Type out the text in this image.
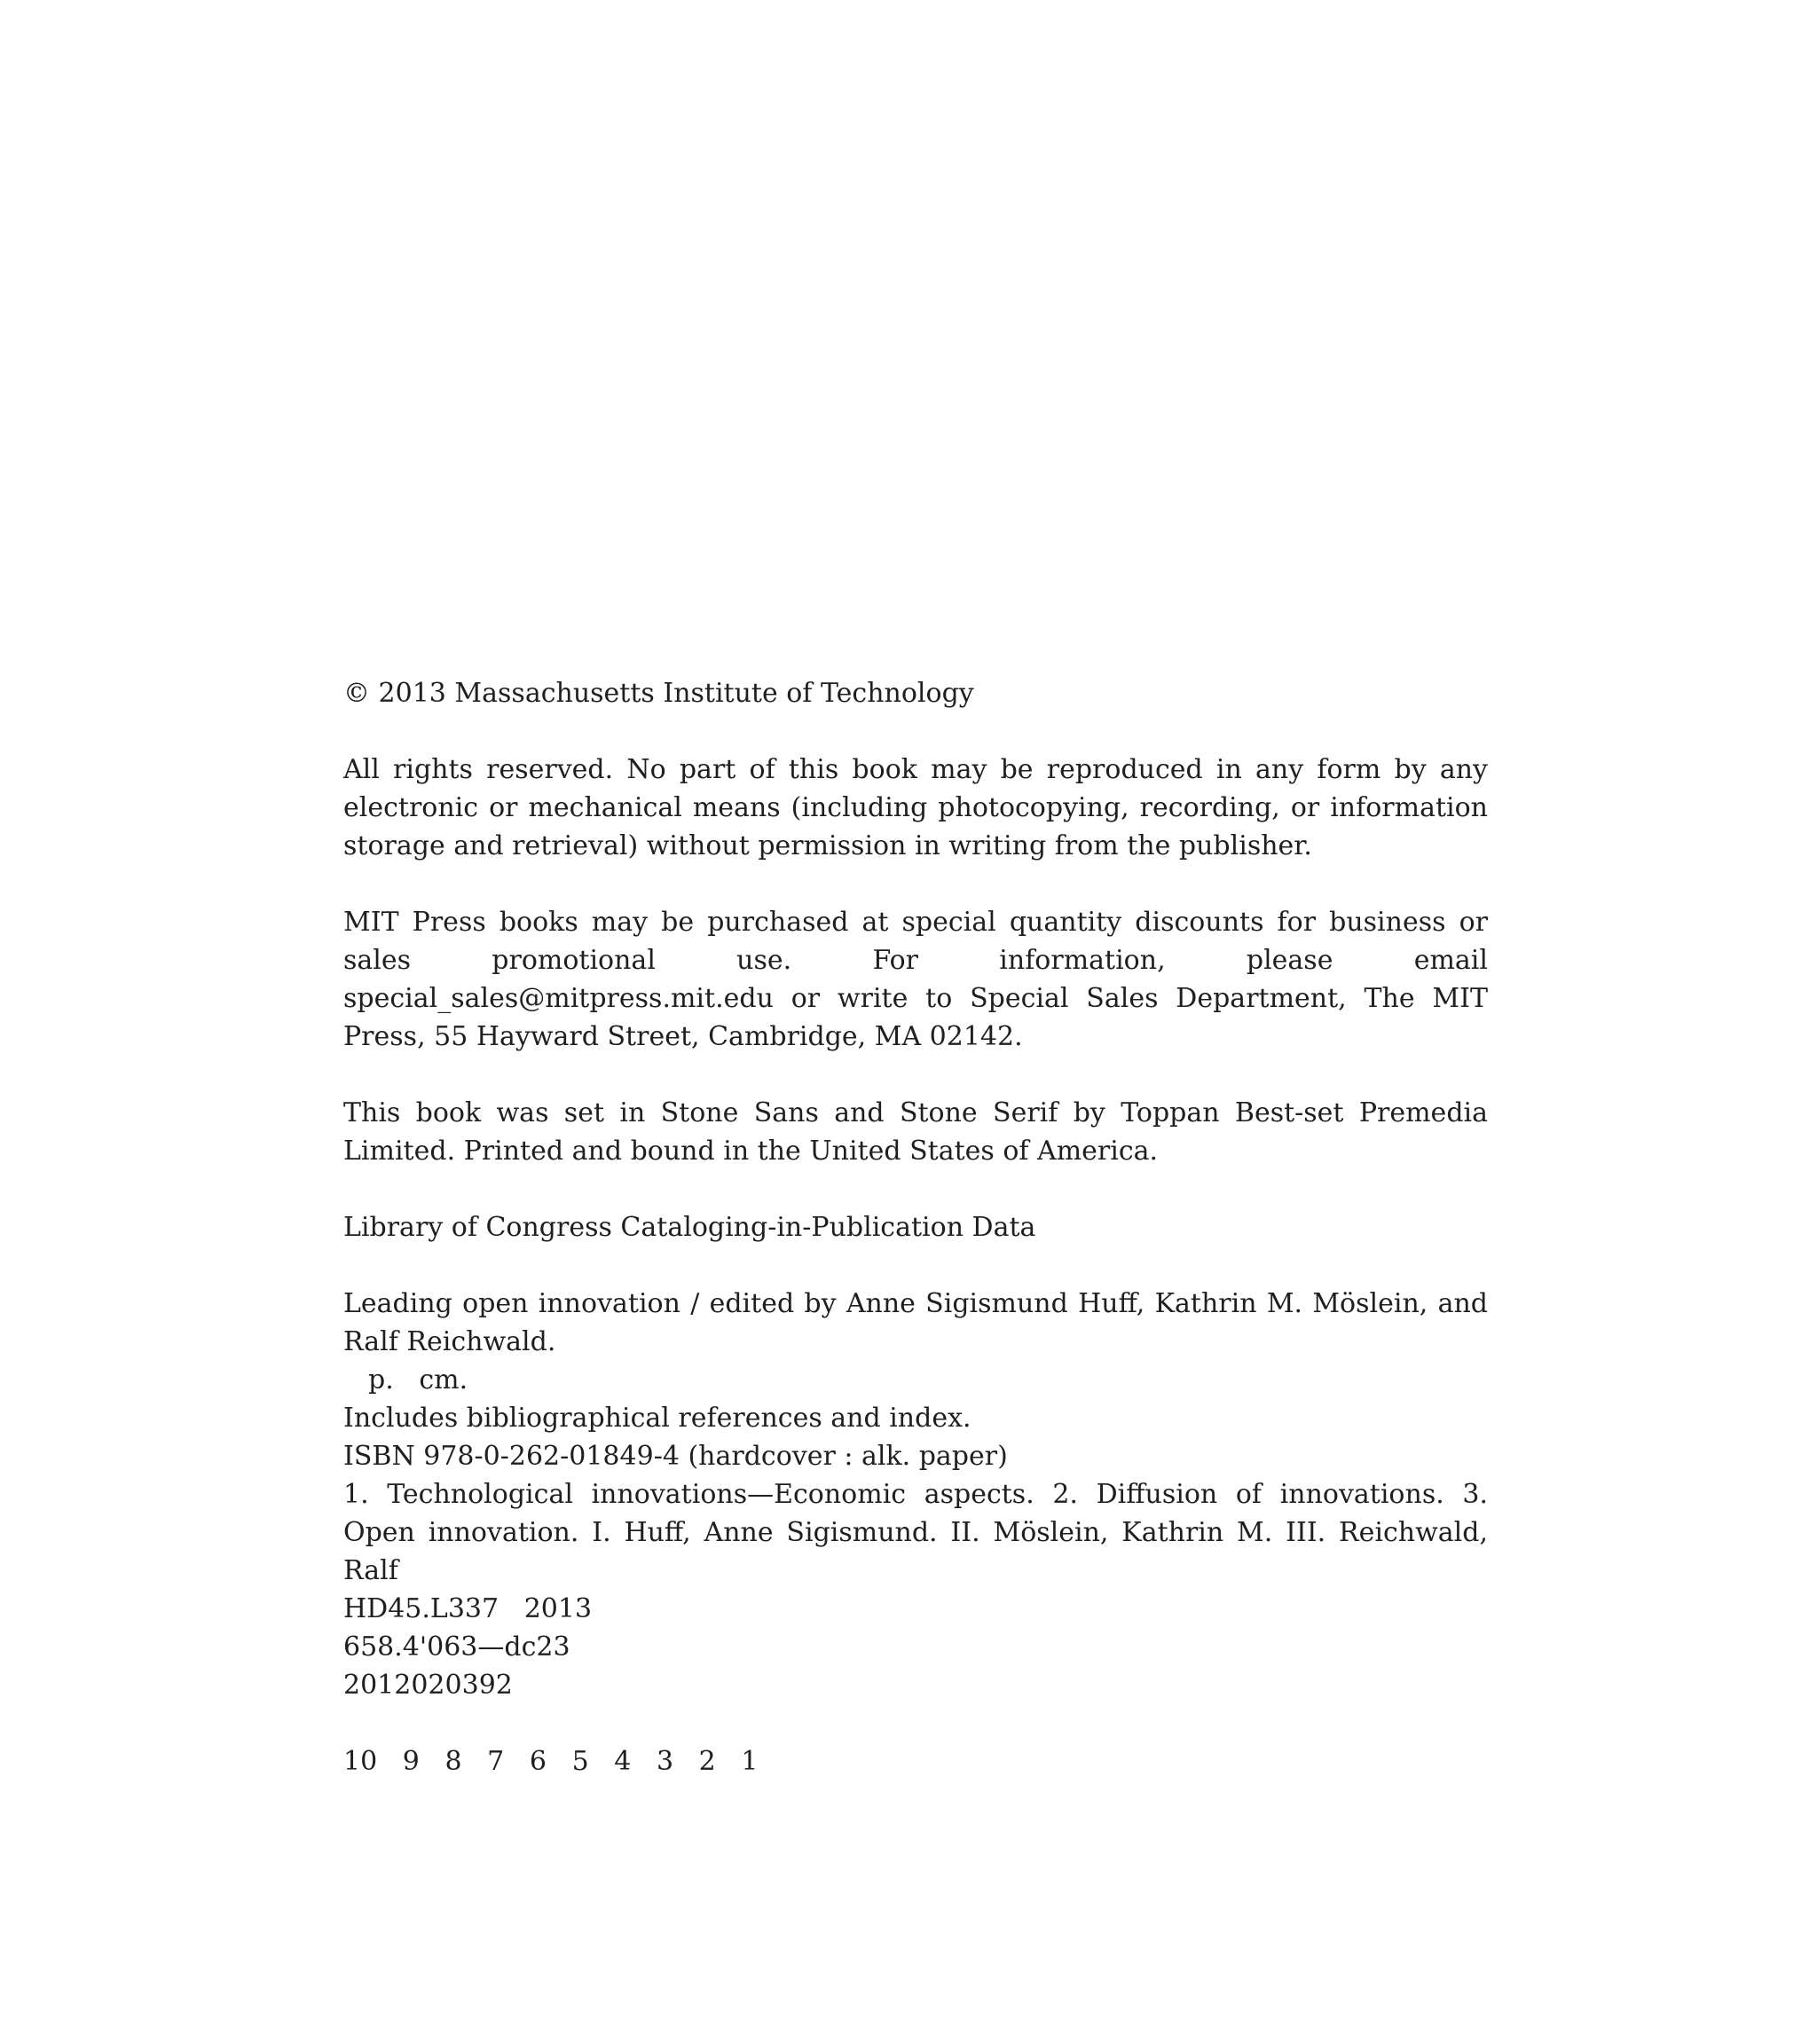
© 2013 Massachusetts Institute of Technology

All rights reserved. No part of this book may be reproduced in any form by any electronic or mechanical means (including photocopying, recording, or information storage and retrieval) without permission in writing from the publisher.

MIT Press books may be purchased at special quantity discounts for business or sales promotional use. For information, please email special_sales@mitpress.mit.edu or write to Special Sales Department, The MIT Press, 55 Hayward Street, Cambridge, MA 02142.

This book was set in Stone Sans and Stone Serif by Toppan Best-set Premedia Limited. Printed and bound in the United States of America.

Library of Congress Cataloging-in-Publication Data

Leading open innovation / edited by Anne Sigismund Huff, Kathrin M. Möslein, and Ralf Reichwald.

p.   cm.

Includes bibliographical references and index.

ISBN 978-0-262-01849-4 (hardcover : alk. paper)

1. Technological innovations—Economic aspects. 2. Diffusion of innovations. 3. Open innovation. I. Huff, Anne Sigismund. II. Möslein, Kathrin M. III. Reichwald, Ralf

HD45.L337   2013

658.4'063—dc23

2012020392

10   9   8   7   6   5   4   3   2   1
